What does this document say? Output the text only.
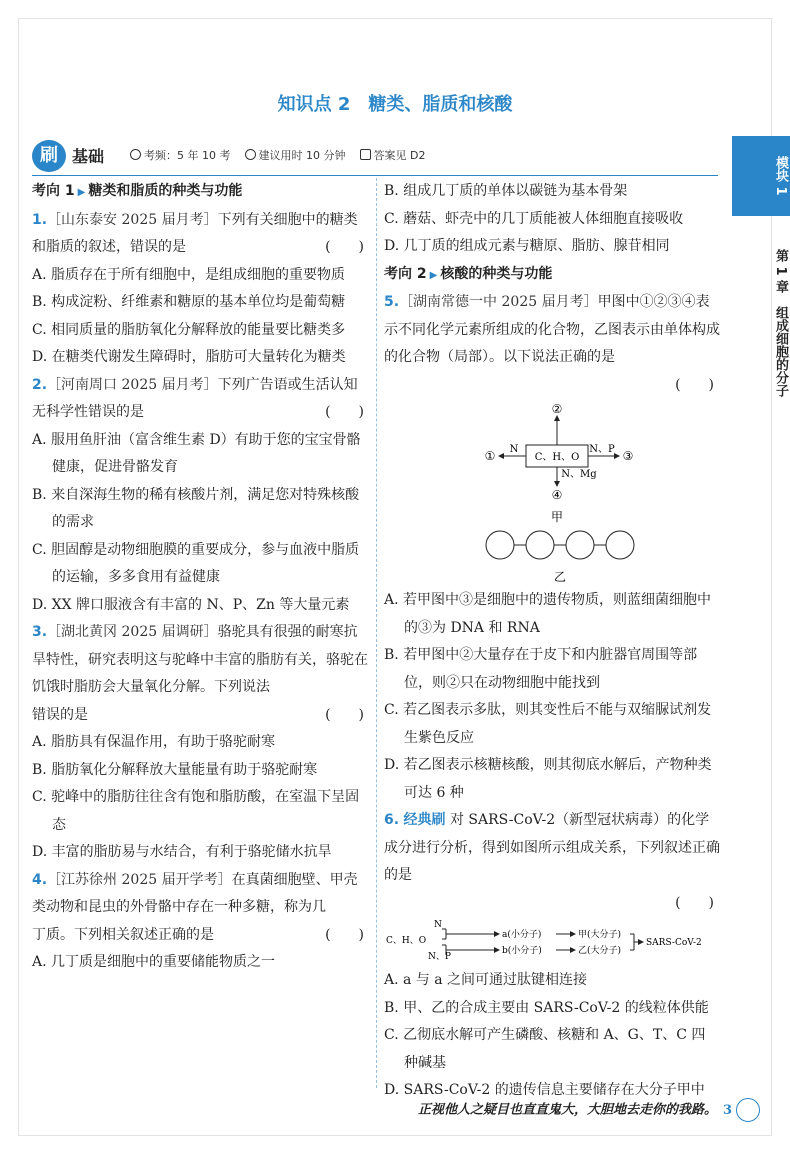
知识点 2　糖类、脂质和核酸
刷 基础	考频：5 年 10 考	建议用时 10 分钟	答案见 D2
模块 1
第 1 章　组成细胞的分子
考向 1 ▶ 糖类和脂质的种类与功能
1.［山东泰安 2025 届月考］下列有关细胞中的糖类
和脂质的叙述，错误的是	(　　)
A. 脂质存在于所有细胞中，是组成细胞的重要物质
B. 构成淀粉、纤维素和糖原的基本单位均是葡萄糖
C. 相同质量的脂肪氧化分解释放的能量要比糖类多
D. 在糖类代谢发生障碍时，脂肪可大量转化为糖类
2.［河南周口 2025 届月考］下列广告语或生活认知
无科学性错误的是	(　　)
A. 服用鱼肝油（富含维生素 D）有助于您的宝宝骨骼健康，促进骨骼发育
B. 来自深海生物的稀有核酸片剂，满足您对特殊核酸的需求
C. 胆固醇是动物细胞膜的重要成分，参与血液中脂质的运输，多多食用有益健康
D. XX 牌口服液含有丰富的 N、P、Zn 等大量元素
3.［湖北黄冈 2025 届调研］骆驼具有很强的耐寒抗旱特性，研究表明这与驼峰中丰富的脂肪有关，骆驼在饥饿时脂肪会大量氧化分解。下列说法
错误的是	(　　)
A. 脂肪具有保温作用，有助于骆驼耐寒
B. 脂肪氧化分解释放大量能量有助于骆驼耐寒
C. 驼峰中的脂肪往往含有饱和脂肪酸，在室温下呈固态
D. 丰富的脂肪易与水结合，有利于骆驼储水抗旱
4.［江苏徐州 2025 届开学考］在真菌细胞壁、甲壳类动物和昆虫的外骨骼中存在一种多糖，称为几
丁质。下列相关叙述正确的是	(　　)
A. 几丁质是细胞中的重要储能物质之一
B. 组成几丁质的单体以碳链为基本骨架
C. 蘑菇、虾壳中的几丁质能被人体细胞直接吸收
D. 几丁质的组成元素与糖原、脂肪、腺苷相同
考向 2 ▶ 核酸的种类与功能
5.［湖南常德一中 2025 届月考］甲图中①②③④表示不同化学元素所组成的化合物，乙图表示由单体构成的化合物（局部）。以下说法正确的是
(　　)
C、H、O
②
N
①	N、P ③
N、Mg
④
甲
乙
A. 若甲图中③是细胞中的遗传物质，则蓝细菌细胞中的③为 DNA 和 RNA
B. 若甲图中②大量存在于皮下和内脏器官周围等部位，则②只在动物细胞中能找到
C. 若乙图表示多肽，则其变性后不能与双缩脲试剂发生紫色反应
D. 若乙图表示核糖核酸，则其彻底水解后，产物种类可达 6 种
6. 经典刷 对 SARS-CoV-2（新型冠状病毒）的化学成分进行分析，得到如图所示组成关系，下列叙述正确的是
(　　)
N
C、H、O
N、P
a(小分子)
b(小分子)
甲(大分子)
乙(大分子)
SARS-CoV-2
A. a 与 a 之间可通过肽键相连接
B. 甲、乙的合成主要由 SARS-CoV-2 的线粒体供能
C. 乙彻底水解可产生磷酸、核糖和 A、G、T、C 四种碱基
D. SARS-CoV-2 的遗传信息主要储存在大分子甲中
正视他人之疑目也直直鬼大，大胆地去走你的我路。 3
